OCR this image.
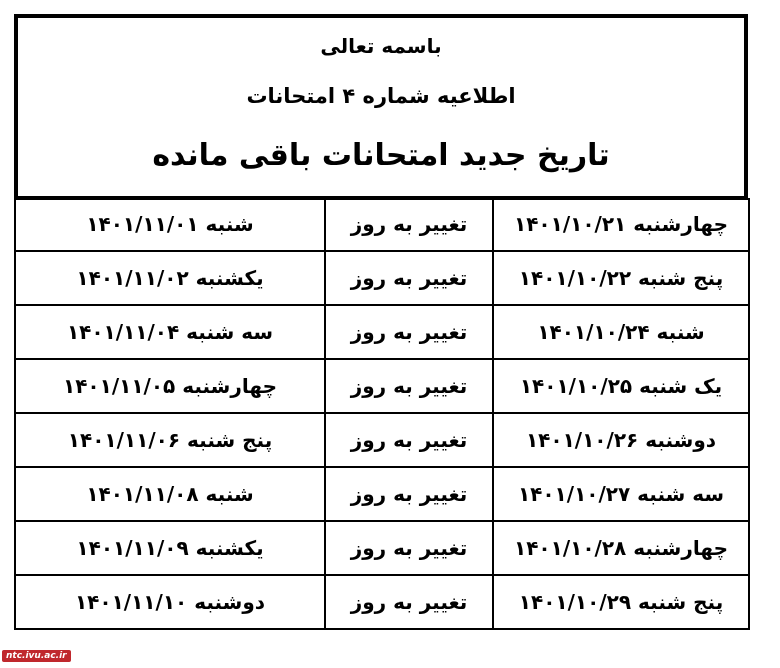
باسمه تعالی
اطلاعیه شماره ۴ امتحانات
تاریخ جدید امتحانات باقی مانده
چهارشنبه ۱۴۰۱/۱۰/۲۱	تغییر به روز	شنبه ۱۴۰۱/۱۱/۰۱
پنج شنبه ۱۴۰۱/۱۰/۲۲	تغییر به روز	یکشنبه ۱۴۰۱/۱۱/۰۲
شنبه ۱۴۰۱/۱۰/۲۴	تغییر به روز	سه شنبه ۱۴۰۱/۱۱/۰۴
یک شنبه ۱۴۰۱/۱۰/۲۵	تغییر به روز	چهارشنبه ۱۴۰۱/۱۱/۰۵
دوشنبه ۱۴۰۱/۱۰/۲۶	تغییر به روز	پنج شنبه ۱۴۰۱/۱۱/۰۶
سه شنبه ۱۴۰۱/۱۰/۲۷	تغییر به روز	شنبه ۱۴۰۱/۱۱/۰۸
چهارشنبه ۱۴۰۱/۱۰/۲۸	تغییر به روز	یکشنبه ۱۴۰۱/۱۱/۰۹
پنج شنبه ۱۴۰۱/۱۰/۲۹	تغییر به روز	دوشنبه ۱۴۰۱/۱۱/۱۰
ntc.ivu.ac.ir
